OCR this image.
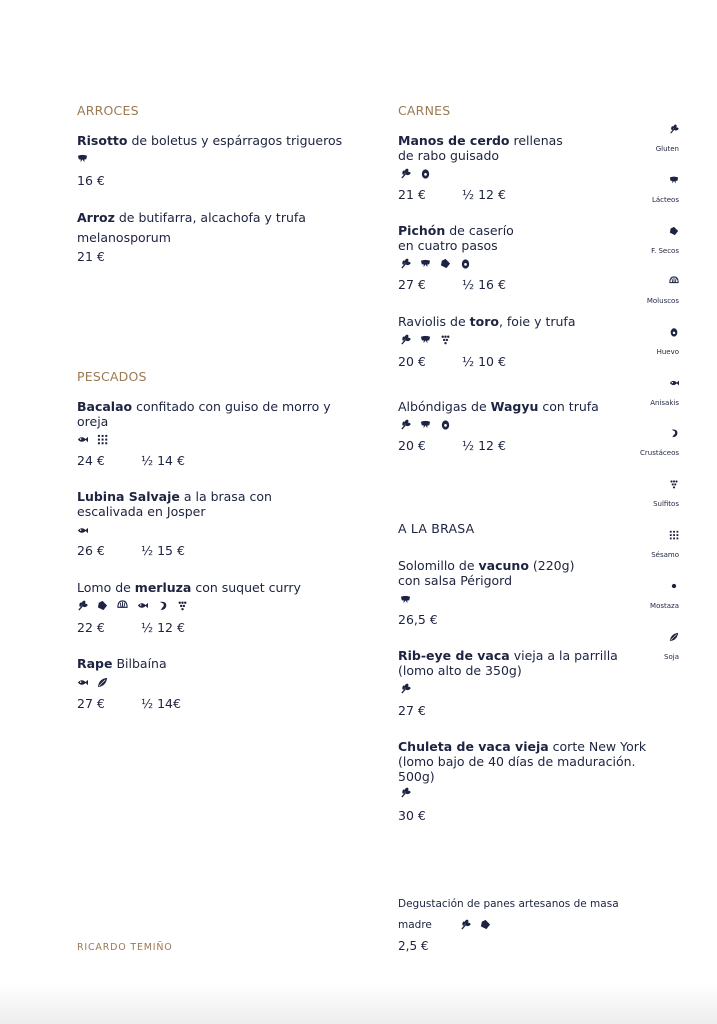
ARROCES
Risotto de boletus y espárragos trigueros
16 €
Arroz de butifarra, alcachofa y trufa
melanosporum
21 €
PESCADOS
Bacalao confitado con guiso de morro y
oreja
24 €	½ 14 €
Lubina Salvaje a la brasa con
escalivada en Josper
26 €	½ 15 €
Lomo de merluza con suquet curry
22 €	½ 12 €
Rape Bilbaína
27 €	½ 14€
CARNES
Manos de cerdo rellenas
de rabo guisado
21 €	½ 12 €
Pichón de caserío
en cuatro pasos
27 €	½ 16 €
Raviolis de toro, foie y trufa
20 €	½ 10 €
Albóndigas de Wagyu con trufa
20 €	½ 12 €
A LA BRASA
Solomillo de vacuno (220g)
con salsa Périgord
26,5 €
Rib-eye de vaca vieja a la parrilla
(lomo alto de 350g)
27 €
Chuleta de vaca vieja corte New York
(lomo bajo de 40 días de maduración.
500g)
30 €
Degustación de panes artesanos de masa
madre
2,5 €
Gluten
Lácteos
F. Secos
Moluscos
Huevo
Anisakis
Crustáceos
Sulfitos
Sésamo
Mostaza
Soja
RICARDO TEMIÑO
